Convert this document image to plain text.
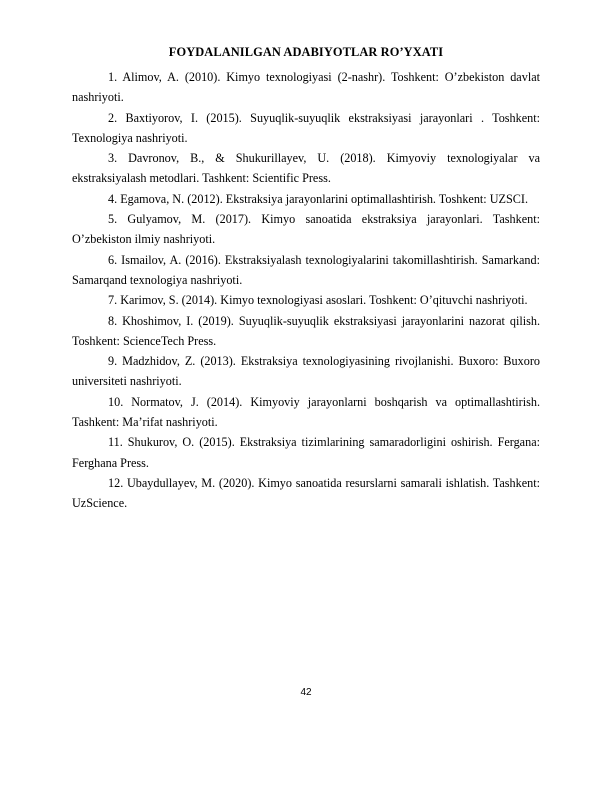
FOYDALANILGAN ADABIYOTLAR RO’YXATI
1. Alimov, A. (2010). Kimyo texnologiyasi (2-nashr). Toshkent: O’zbekiston davlat nashriyoti.
2. Baxtiyorov, I. (2015). Suyuqlik-suyuqlik ekstraksiyasi jarayonlari . Toshkent: Texnologiya nashriyoti.
3. Davronov, B., & Shukurillayev, U. (2018). Kimyoviy texnologiyalar va ekstraksiyalash metodlari. Tashkent: Scientific Press.
4. Egamova, N. (2012). Ekstraksiya jarayonlarini optimallashtirish. Toshkent: UZSCI.
5. Gulyamov, M. (2017). Kimyo sanoatida ekstraksiya jarayonlari. Tashkent: O’zbekiston ilmiy nashriyoti.
6. Ismailov, A. (2016). Ekstraksiyalash texnologiyalarini takomillashtirish. Samarkand: Samarqand texnologiya nashriyoti.
7. Karimov, S. (2014). Kimyo texnologiyasi asoslari. Toshkent: O’qituvchi nashriyoti.
8. Khoshimov, I. (2019). Suyuqlik-suyuqlik ekstraksiyasi jarayonlarini nazorat qilish. Toshkent: ScienceTech Press.
9. Madzhidov, Z. (2013). Ekstraksiya texnologiyasining rivojlanishi. Buxoro: Buxoro universiteti nashriyoti.
10. Normatov, J. (2014). Kimyoviy jarayonlarni boshqarish va optimallashtirish. Tashkent: Ma’rifat nashriyoti.
11. Shukurov, O. (2015). Ekstraksiya tizimlarining samaradorligini oshirish. Fergana: Ferghana Press.
12. Ubaydullayev, M. (2020). Kimyo sanoatida resurslarni samarali ishlatish. Tashkent: UzScience.
42
